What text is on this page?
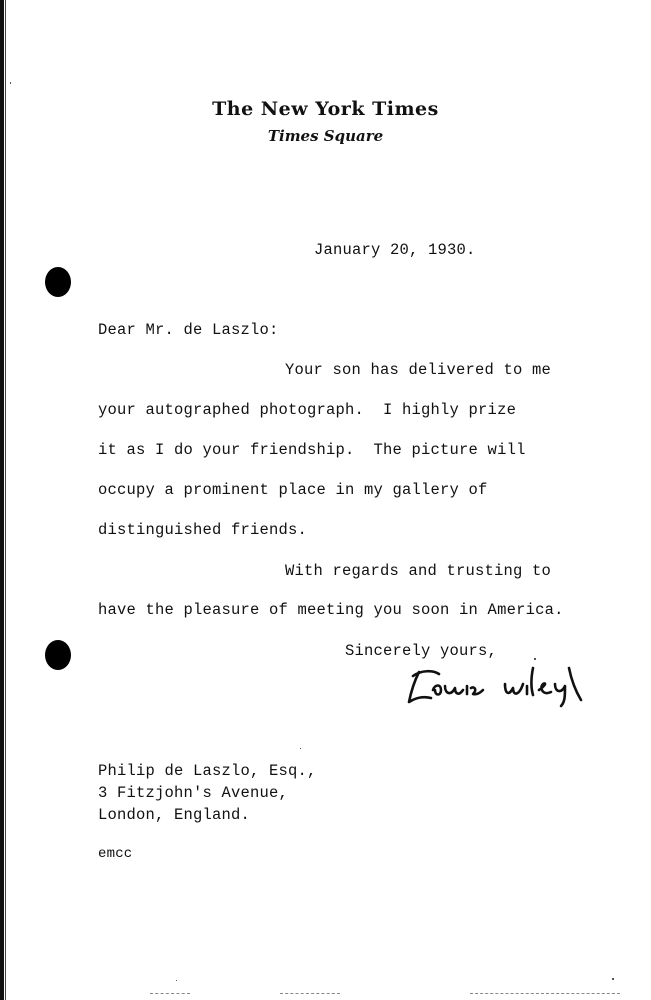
The New York Times
Times Square
January 20, 1930.
Dear Mr. de Laszlo:
Your son has delivered to me
your autographed photograph.  I highly prize
it as I do your friendship.  The picture will
occupy a prominent place in my gallery of
distinguished friends.
With regards and trusting to
have the pleasure of meeting you soon in America.
Sincerely yours,
Philip de Laszlo, Esq.,
3 Fitzjohn's Avenue,
London, England.
emcc
